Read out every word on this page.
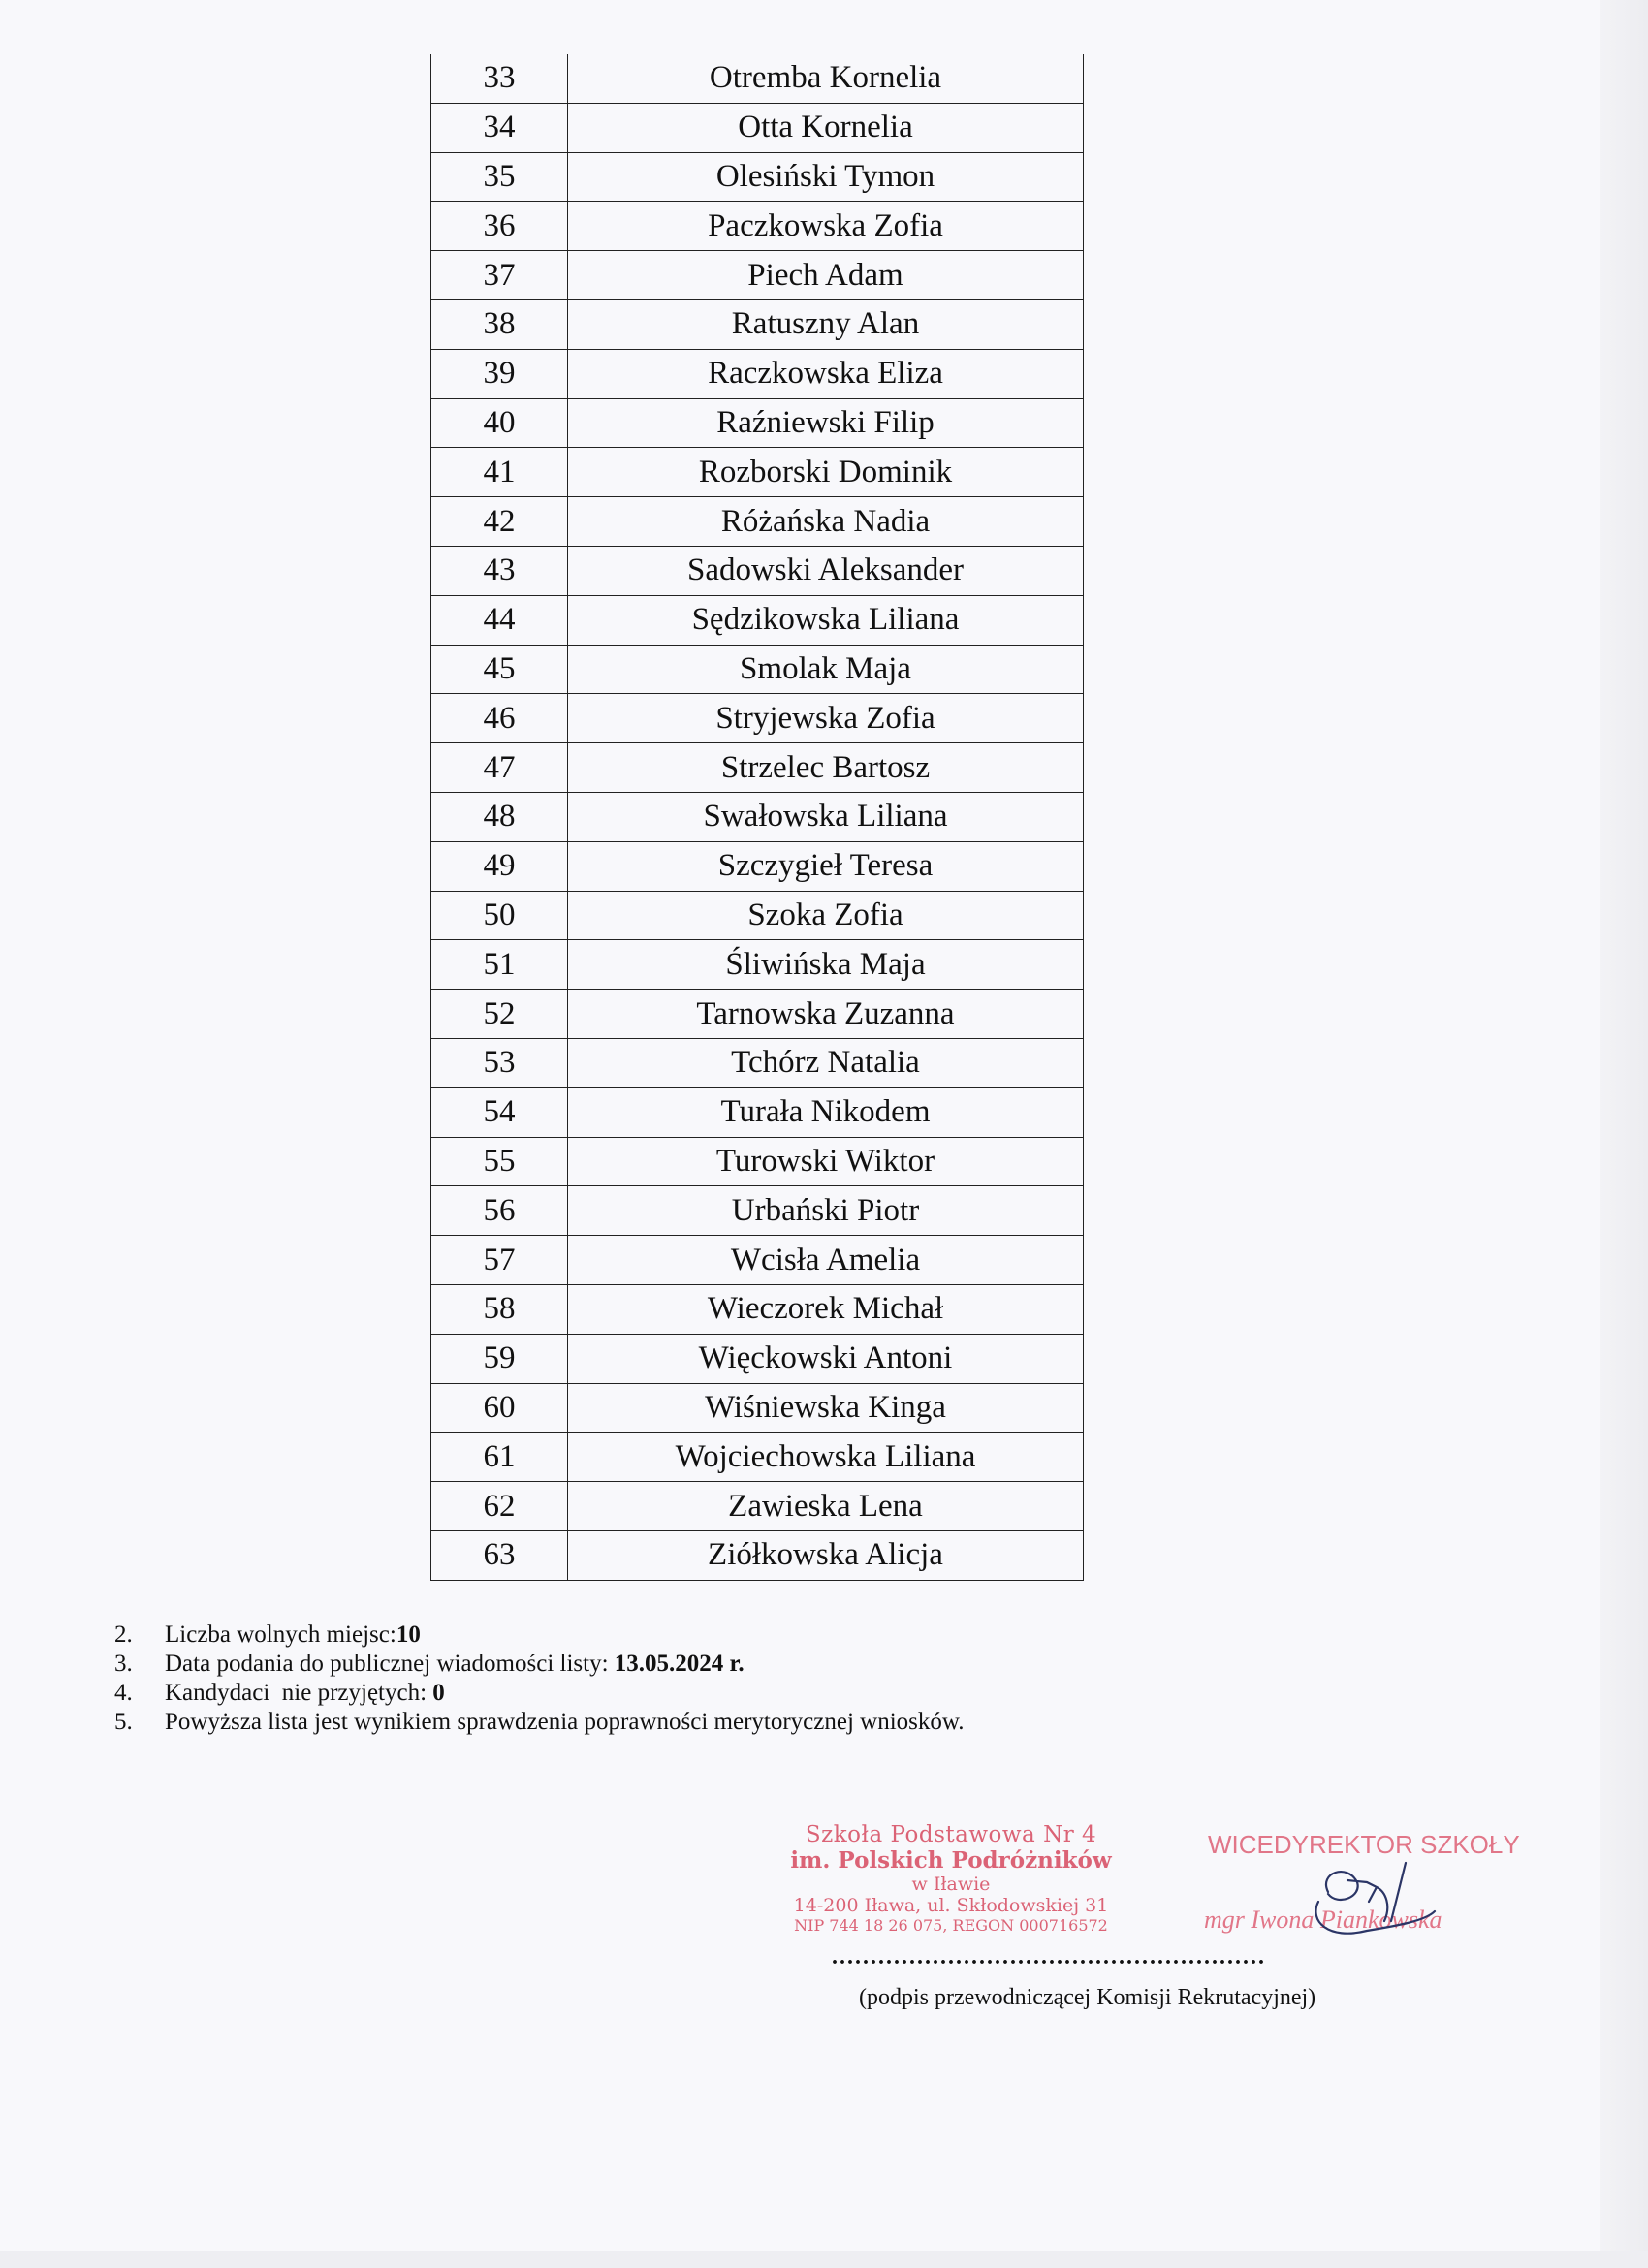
33	Otremba Kornelia
34	Otta Kornelia
35	Olesiński Tymon
36	Paczkowska Zofia
37	Piech Adam
38	Ratuszny Alan
39	Raczkowska Eliza
40	Raźniewski Filip
41	Rozborski Dominik
42	Różańska Nadia
43	Sadowski Aleksander
44	Sędzikowska Liliana
45	Smolak Maja
46	Stryjewska Zofia
47	Strzelec Bartosz
48	Swałowska Liliana
49	Szczygieł Teresa
50	Szoka Zofia
51	Śliwińska Maja
52	Tarnowska Zuzanna
53	Tchórz Natalia
54	Turała Nikodem
55	Turowski Wiktor
56	Urbański Piotr
57	Wcisła Amelia
58	Wieczorek Michał
59	Więckowski Antoni
60	Wiśniewska Kinga
61	Wojciechowska Liliana
62	Zawieska Lena
63	Ziółkowska Alicja
2.	Liczba wolnych miejsc: 10
3.	Data podania do publicznej wiadomości listy: 13.05.2024 r.
4.	Kandydaci  nie przyjętych: 0
5.	Powyższa lista jest wynikiem sprawdzenia poprawności merytorycznej wniosków.
Szkoła Podstawowa Nr 4
im. Polskich Podróżników
w Iławie
14-200 Iława, ul. Skłodowskiej 31
NIP 744 18 26 075, REGON 000716572
WICEDYREKTOR SZKOŁY
mgr Iwona Piankowska
........................................................
(podpis przewodniczącej Komisji Rekrutacyjnej)
